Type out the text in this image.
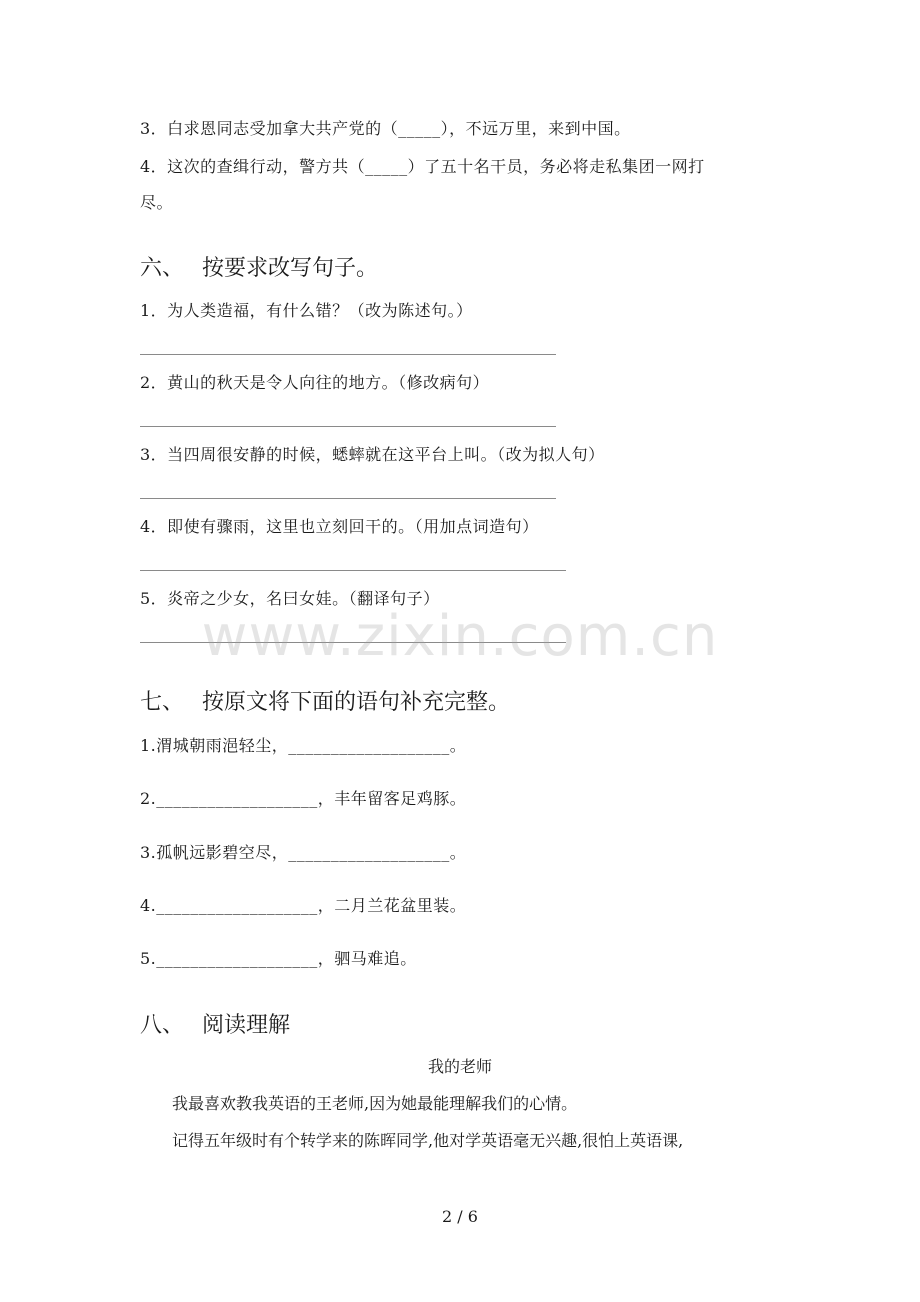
3．白求恩同志受加拿大共产党的（_____），不远万里，来到中国。
4．这次的查缉行动，警方共（_____）了五十名干员，务必将走私集团一网打
尽。
六、 按要求改写句子。
1．为人类造福，有什么错？（改为陈述句。）
2．黄山的秋天是令人向往的地方。（修改病句）
3．当四周很安静的时候，蟋蟀就在这平台上叫。（改为拟人句）
4．即使有骤雨，这里也立刻回干的。（用加点词造句）
5．炎帝之少女，名曰女娃。（翻译句子）
www.zixin.com.cn
七、 按原文将下面的语句补充完整。
1.渭城朝雨浥轻尘，___________________。
2.___________________，丰年留客足鸡豚。
3.孤帆远影碧空尽，___________________。
4.___________________，二月兰花盆里装。
5.___________________，驷马难追。
八、 阅读理解
我的老师
我最喜欢教我英语的王老师,因为她最能理解我们的心情。
记得五年级时有个转学来的陈晖同学,他对学英语毫无兴趣,很怕上英语课,
2 / 6
